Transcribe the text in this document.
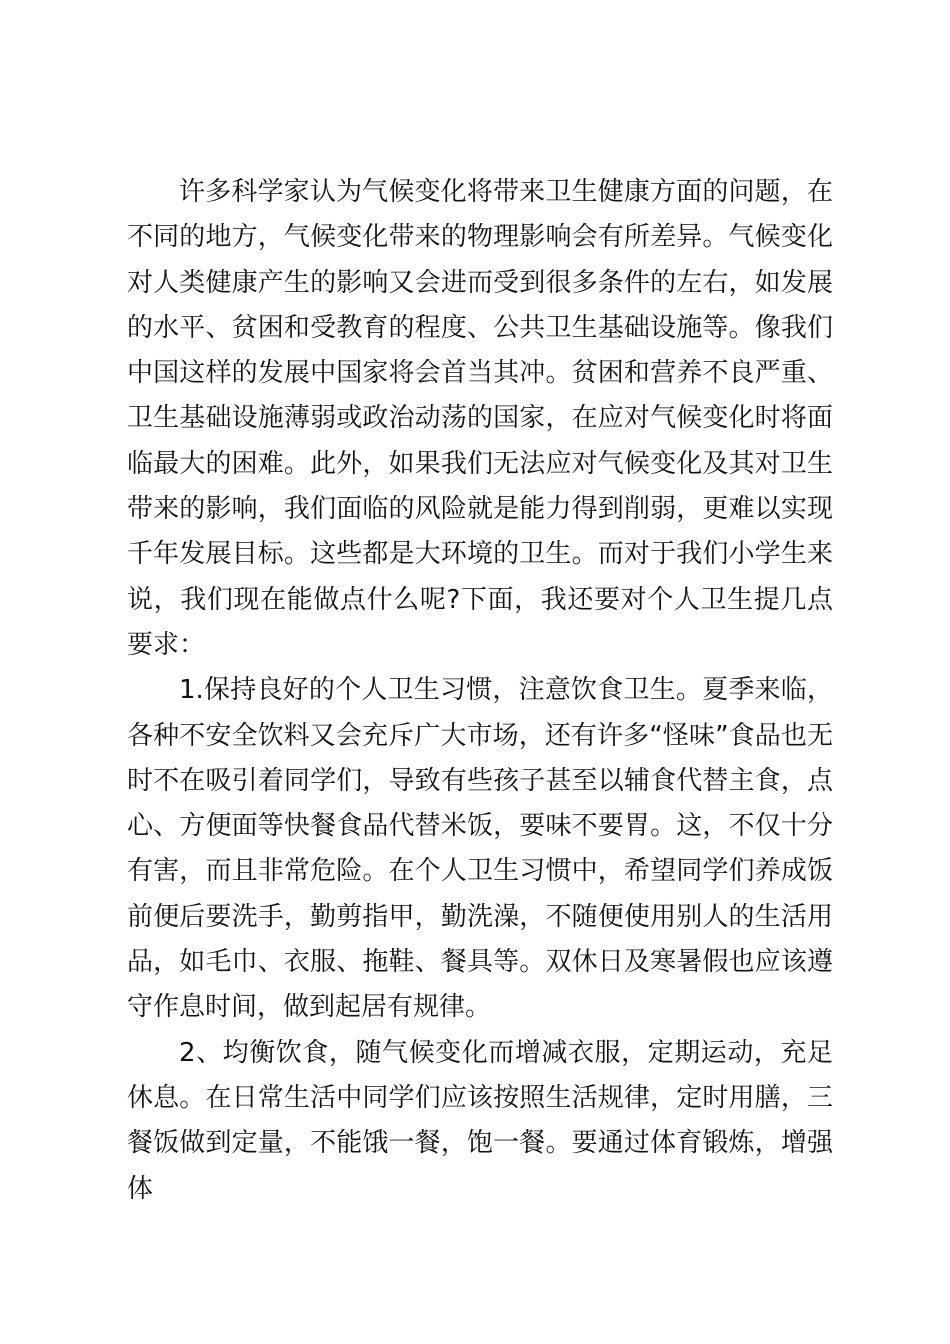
许多科学家认为气候变化将带来卫生健康方面的问题，在不同的地方，气候变化带来的物理影响会有所差异。气候变化对人类健康产生的影响又会进而受到很多条件的左右，如发展的水平、贫困和受教育的程度、公共卫生基础设施等。像我们中国这样的发展中国家将会首当其冲。贫困和营养不良严重、卫生基础设施薄弱或政治动荡的国家，在应对气候变化时将面临最大的困难。此外，如果我们无法应对气候变化及其对卫生带来的影响，我们面临的风险就是能力得到削弱，更难以实现千年发展目标。这些都是大环境的卫生。而对于我们小学生来说，我们现在能做点什么呢?下面，我还要对个人卫生提几点要求：

1.保持良好的个人卫生习惯，注意饮食卫生。夏季来临，各种不安全饮料又会充斥广大市场，还有许多“怪味”食品也无时不在吸引着同学们，导致有些孩子甚至以辅食代替主食，点心、方便面等快餐食品代替米饭，要味不要胃。这，不仅十分有害，而且非常危险。在个人卫生习惯中，希望同学们养成饭前便后要洗手，勤剪指甲，勤洗澡，不随便使用别人的生活用品，如毛巾、衣服、拖鞋、餐具等。双休日及寒暑假也应该遵守作息时间，做到起居有规律。

2、均衡饮食，随气候变化而增减衣服，定期运动，充足休息。在日常生活中同学们应该按照生活规律，定时用膳，三餐饭做到定量，不能饿一餐，饱一餐。要通过体育锻炼，增强体
